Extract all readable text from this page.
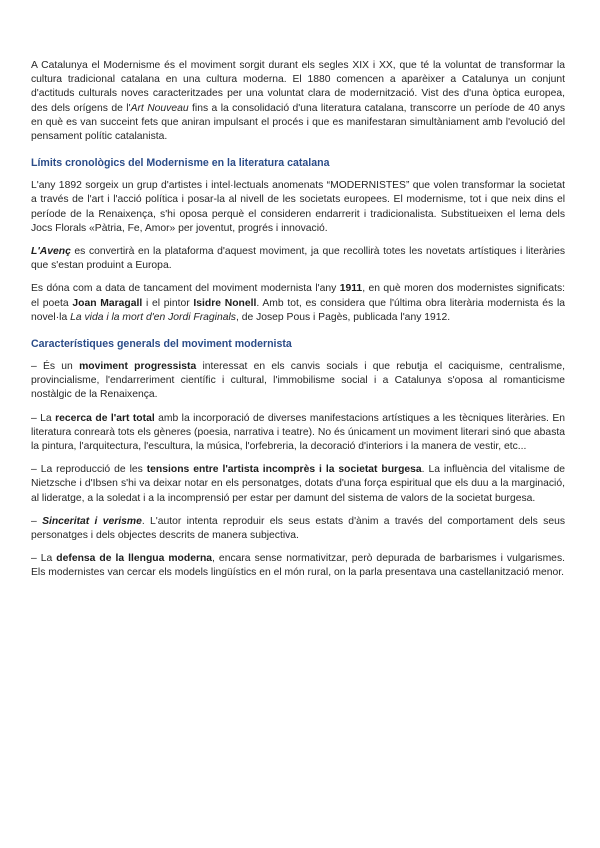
A Catalunya el Modernisme és el moviment sorgit durant els segles XIX i XX, que té la voluntat de transformar la cultura tradicional catalana en una cultura moderna. El 1880 comencen a aparèixer a Catalunya un conjunt d'actituds culturals noves caracteritzades per una voluntat clara de modernització. Vist des d'una òptica europea, des dels orígens de l'Art Nouveau fins a la consolidació d'una literatura catalana, transcorre un període de 40 anys en què es van succeint fets que aniran impulsant el procés i que es manifestaran simultàniament amb l'evolució del pensament polític catalanista.

Límits cronològics del Modernisme en la literatura catalana

L'any 1892 sorgeix un grup d'artistes i intel·lectuals anomenats “MODERNISTES” que volen transformar la societat a través de l'art i l'acció política i posar-la al nivell de les societats europees. El modernisme, tot i que neix dins el període de la Renaixença, s'hi oposa perquè el consideren endarrerit i tradicionalista. Substitueixen el lema dels Jocs Florals «Pàtria, Fe, Amor» per joventut, progrés i innovació.

L'Avenç es convertirà en la plataforma d'aquest moviment, ja que recollirà totes les novetats artístiques i literàries que s'estan produint a Europa.

Es dóna com a data de tancament del moviment modernista l'any 1911, en què moren dos modernistes significats: el poeta Joan Maragall i el pintor Isidre Nonell. Amb tot, es considera que l'última obra literària modernista és la novel·la La vida i la mort d'en Jordi Fraginals, de Josep Pous i Pagès, publicada l'any 1912.

Característiques generals del moviment modernista

– És un moviment progressista interessat en els canvis socials i que rebutja el caciquisme, centralisme, provincialisme, l'endarreriment científic i cultural, l'immobilisme social i a Catalunya s'oposa al romanticisme nostàlgic de la Renaixença.

– La recerca de l'art total amb la incorporació de diverses manifestacions artístiques a les tècniques literàries. En literatura conrearà tots els gèneres (poesia, narrativa i teatre). No és únicament un moviment literari sinó que abasta la pintura, l'arquitectura, l'escultura, la música, l'orfebreria, la decoració d'interiors i la manera de vestir, etc...

– La reproducció de les tensions entre l'artista incomprès i la societat burgesa. La influència del vitalisme de Nietzsche i d'Ibsen s'hi va deixar notar en els personatges, dotats d'una força espiritual que els duu a la marginació, al lideratge, a la soledat i a la incomprensió per estar per damunt del sistema de valors de la societat burgesa.

– Sinceritat i verisme. L'autor intenta reproduir els seus estats d'ànim a través del comportament dels seus personatges i dels objectes descrits de manera subjectiva.

– La defensa de la llengua moderna, encara sense normativitzar, però depurada de barbarismes i vulgarismes. Els modernistes van cercar els models lingüístics en el món rural, on la parla presentava una castellanització menor.
